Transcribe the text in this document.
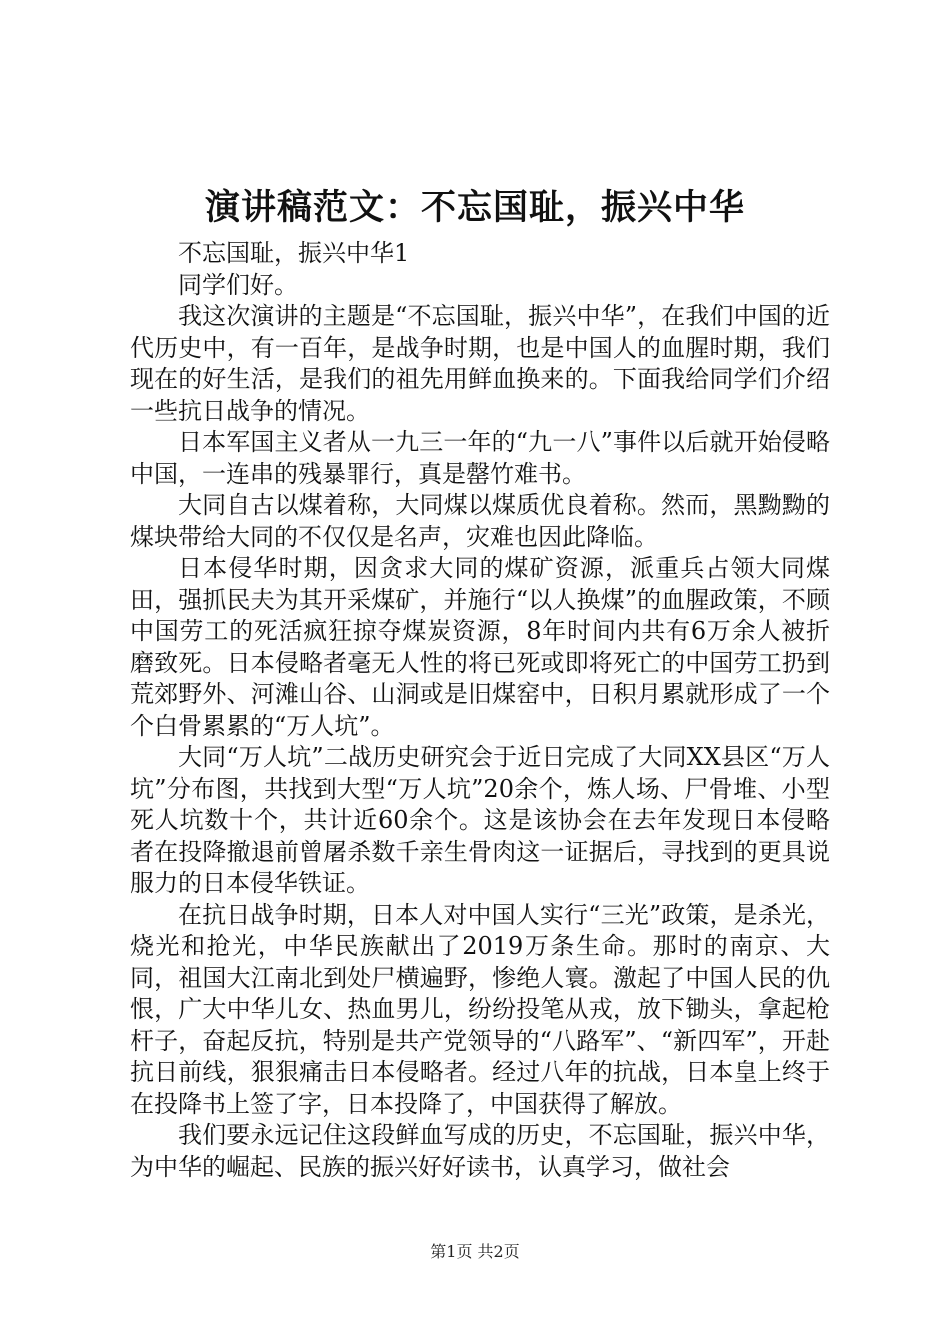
演讲稿范文：不忘国耻，振兴中华

不忘国耻，振兴中华1

同学们好。

我这次演讲的主题是“不忘国耻，振兴中华”，在我们中国的近代历史中，有一百年，是战争时期，也是中国人的血腥时期，我们现在的好生活，是我们的祖先用鲜血换来的。下面我给同学们介绍一些抗日战争的情况。

日本军国主义者从一九三一年的“九一八”事件以后就开始侵略中国，一连串的残暴罪行，真是罄竹难书。

大同自古以煤着称，大同煤以煤质优良着称。然而，黑黝黝的煤块带给大同的不仅仅是名声，灾难也因此降临。

日本侵华时期，因贪求大同的煤矿资源，派重兵占领大同煤田，强抓民夫为其开采煤矿，并施行“以人换煤”的血腥政策，不顾中国劳工的死活疯狂掠夺煤炭资源，8年时间内共有6万余人被折磨致死。日本侵略者毫无人性的将已死或即将死亡的中国劳工扔到荒郊野外、河滩山谷、山洞或是旧煤窑中，日积月累就形成了一个个白骨累累的“万人坑”。

大同“万人坑”二战历史研究会于近日完成了大同XX县区“万人坑”分布图，共找到大型“万人坑”20余个，炼人场、尸骨堆、小型死人坑数十个，共计近60余个。这是该协会在去年发现日本侵略者在投降撤退前曾屠杀数千亲生骨肉这一证据后，寻找到的更具说服力的日本侵华铁证。

在抗日战争时期，日本人对中国人实行“三光”政策，是杀光，烧光和抢光，中华民族献出了2019万条生命。那时的南京、大同，祖国大江南北到处尸横遍野，惨绝人寰。激起了中国人民的仇恨，广大中华儿女、热血男儿，纷纷投笔从戎，放下锄头，拿起枪杆子，奋起反抗，特别是共产党领导的“八路军”、“新四军”，开赴抗日前线，狠狠痛击日本侵略者。经过八年的抗战，日本皇上终于在投降书上签了字，日本投降了，中国获得了解放。

我们要永远记住这段鲜血写成的历史，不忘国耻，振兴中华，为中华的崛起、民族的振兴好好读书，认真学习，做社会

第1页 共2页
